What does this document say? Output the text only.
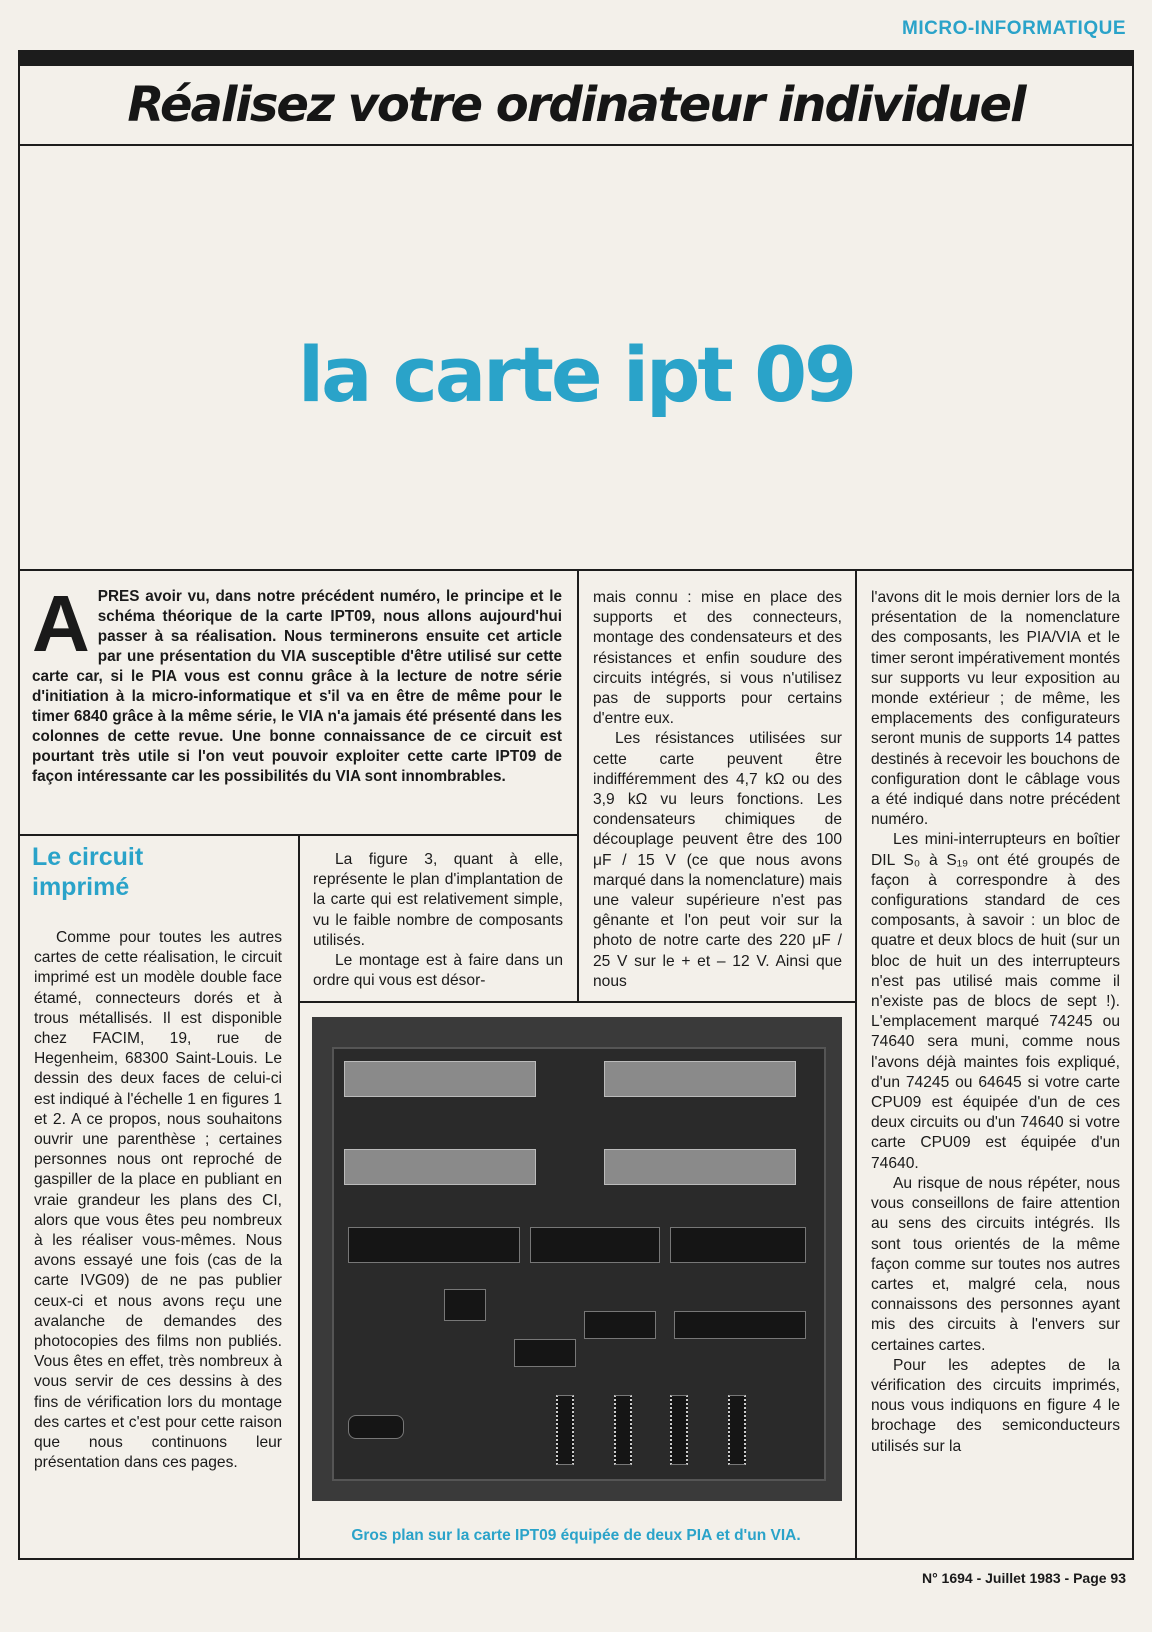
MICRO-INFORMATIQUE
Réalisez votre ordinateur individuel
la carte ipt 09

APRES avoir vu, dans notre précédent numéro, le principe et le schéma théorique de la carte IPT09, nous allons aujourd'hui passer à sa réalisation. Nous terminerons ensuite cet article par une présentation du VIA susceptible d'être utilisé sur cette carte car, si le PIA vous est connu grâce à la lecture de notre série d'initiation à la micro-informatique et s'il va en être de même pour le timer 6840 grâce à la même série, le VIA n'a jamais été présenté dans les colonnes de cette revue. Une bonne connaissance de ce circuit est pourtant très utile si l'on veut pouvoir exploiter cette carte IPT09 de façon intéressante car les possibilités du VIA sont innombrables.

Le circuit
imprimé

Comme pour toutes les autres cartes de cette réalisation, le circuit imprimé est un modèle double face étamé, connecteurs dorés et à trous métallisés. Il est disponible chez FACIM, 19, rue de Hegenheim, 68300 Saint-Louis. Le dessin des deux faces de celui-ci est indiqué à l'échelle 1 en figures 1 et 2. A ce propos, nous souhaitons ouvrir une parenthèse ; certaines personnes nous ont reproché de gaspiller de la place en publiant en vraie grandeur les plans des CI, alors que vous êtes peu nombreux à les réaliser vous-mêmes. Nous avons essayé une fois (cas de la carte IVG09) de ne pas publier ceux-ci et nous avons reçu une avalanche de demandes des photocopies des films non publiés. Vous êtes en effet, très nombreux à vous servir de ces dessins à des fins de vérification lors du montage des cartes et c'est pour cette raison que nous continuons leur présentation dans ces pages.

La figure 3, quant à elle, représente le plan d'implantation de la carte qui est relativement simple, vu le faible nombre de composants utilisés.

Le montage est à faire dans un ordre qui vous est désor-

mais connu : mise en place des supports et des connecteurs, montage des condensateurs et des résistances et enfin soudure des circuits intégrés, si vous n'utilisez pas de supports pour certains d'entre eux.

Les résistances utilisées sur cette carte peuvent être indifféremment des 4,7 kΩ ou des 3,9 kΩ vu leurs fonctions. Les condensateurs chimiques de découplage peuvent être des 100 μF / 15 V (ce que nous avons marqué dans la nomenclature) mais une valeur supérieure n'est pas gênante et l'on peut voir sur la photo de notre carte des 220 μF / 25 V sur le + et – 12 V. Ainsi que nous

l'avons dit le mois dernier lors de la présentation de la nomenclature des composants, les PIA/VIA et le timer seront impérativement montés sur supports vu leur exposition au monde extérieur ; de même, les emplacements des configurateurs seront munis de supports 14 pattes destinés à recevoir les bouchons de configuration dont le câblage vous a été indiqué dans notre précédent numéro.

Les mini-interrupteurs en boîtier DIL S₀ à S₁₉ ont été groupés de façon à correspondre à des configurations standard de ces composants, à savoir : un bloc de quatre et deux blocs de huit (sur un bloc de huit un des interrupteurs n'est pas utilisé mais comme il n'existe pas de blocs de sept !). L'emplacement marqué 74245 ou 74640 sera muni, comme nous l'avons déjà maintes fois expliqué, d'un 74245 ou 64645 si votre carte CPU09 est équipée d'un de ces deux circuits ou d'un 74640 si votre carte CPU09 est équipée d'un 74640.

Au risque de nous répéter, nous vous conseillons de faire attention au sens des circuits intégrés. Ils sont tous orientés de la même façon comme sur toutes nos autres cartes et, malgré cela, nous connaissons des personnes ayant mis des circuits à l'envers sur certaines cartes.

Pour les adeptes de la vérification des circuits imprimés, nous vous indiquons en figure 4 le brochage des semiconducteurs utilisés sur la

Gros plan sur la carte IPT09 équipée de deux PIA et d'un VIA.
N° 1694 - Juillet 1983 - Page 93
